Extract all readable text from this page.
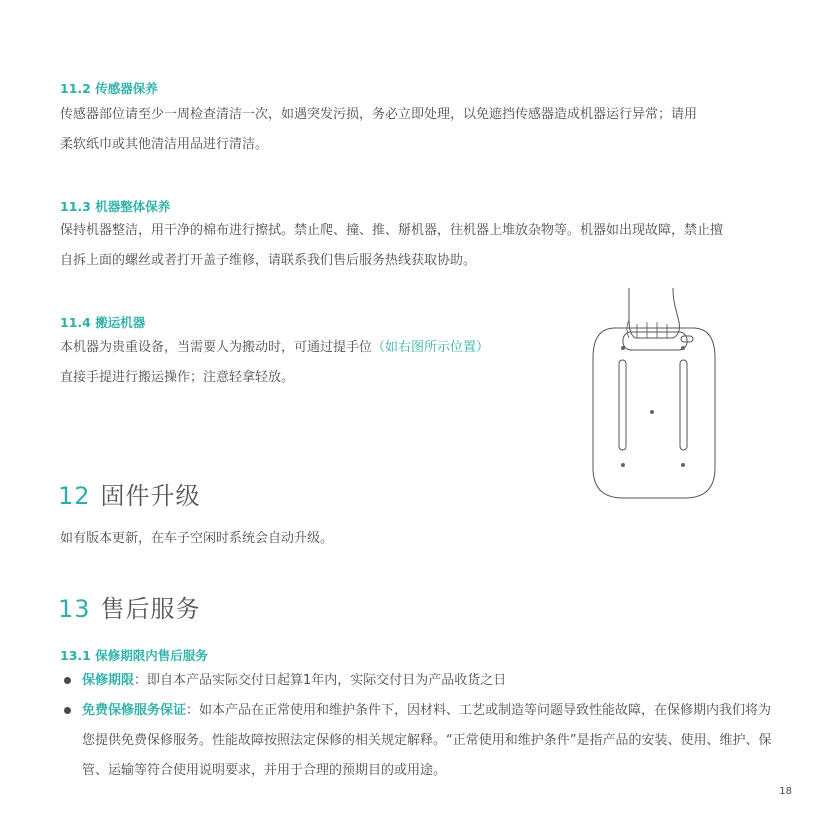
11.2 传感器保养
传感器部位请至少一周检查清洁一次，如遇突发污损，务必立即处理，以免遮挡传感器造成机器运行异常；请用
柔软纸巾或其他清洁用品进行清洁。
11.3 机器整体保养
保持机器整洁，用干净的棉布进行擦拭。禁止爬、撞、推、掰机器，往机器上堆放杂物等。机器如出现故障，禁止擅
自拆上面的螺丝或者打开盖子维修，请联系我们售后服务热线获取协助。
11.4 搬运机器
本机器为贵重设备，当需要人为搬动时，可通过提手位（如右图所示位置）
直接手提进行搬运操作；注意轻拿轻放。
12 固件升级
如有版本更新，在车子空闲时系统会自动升级。
13 售后服务
13.1 保修期限内售后服务
保修期限：即自本产品实际交付日起算1年内，实际交付日为产品收货之日
免费保修服务保证：如本产品在正常使用和维护条件下，因材料、工艺或制造等问题导致性能故障，在保修期内我们将为您提供免费保修服务。性能故障按照法定保修的相关规定解释。“正常使用和维护条件”是指产品的安装、使用、维护、保管、运输等符合使用说明要求，并用于合理的预期目的或用途。
18
